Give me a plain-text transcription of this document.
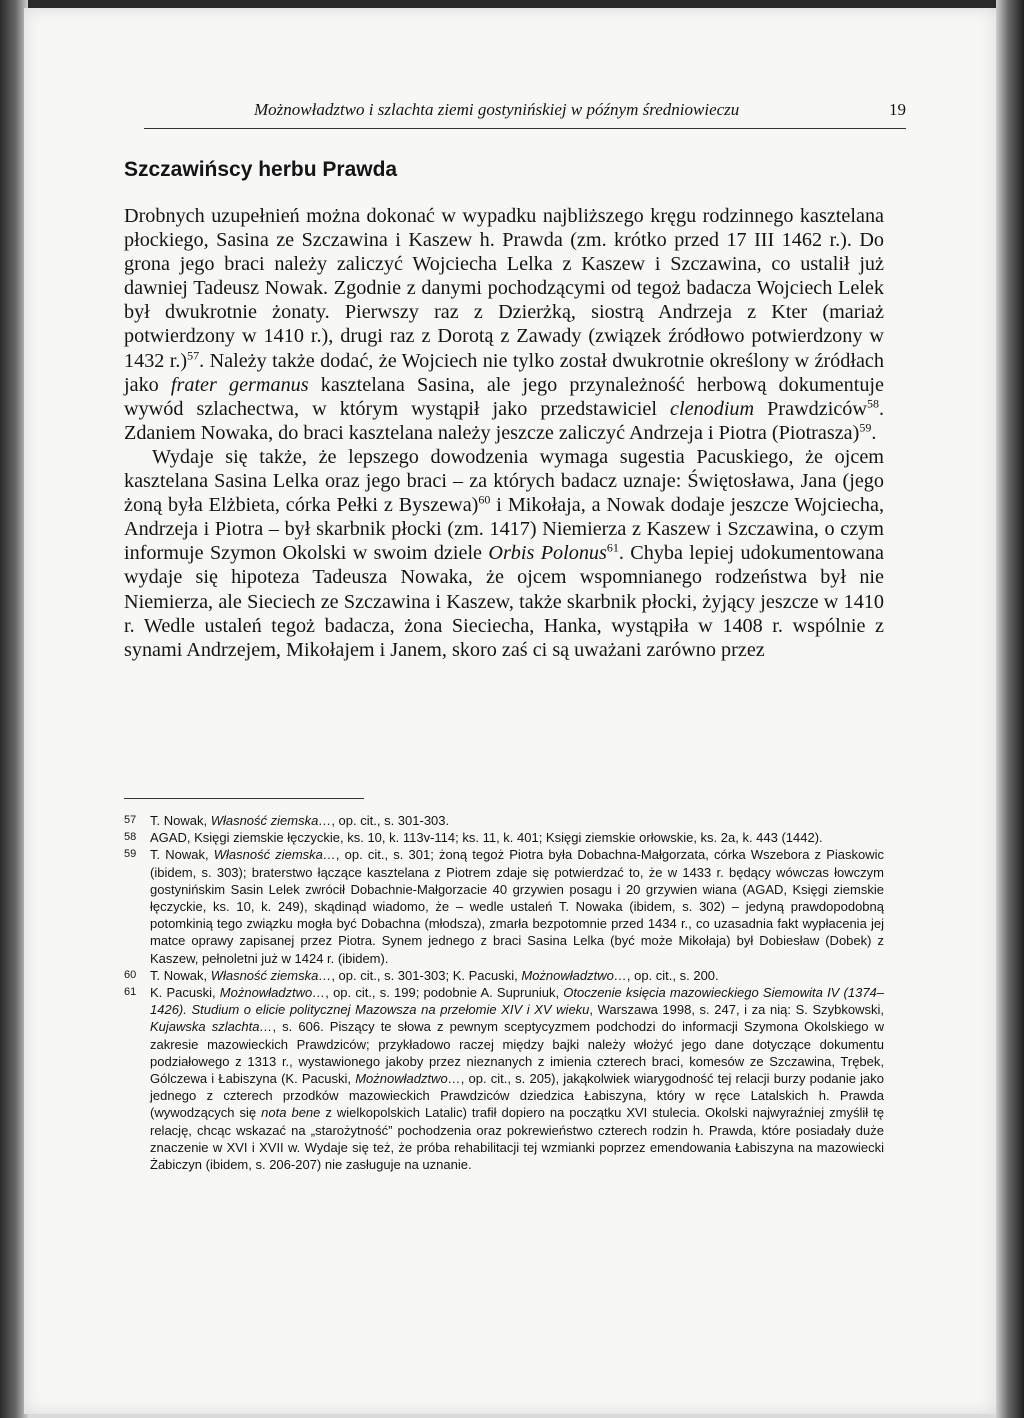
Możnowładztwo i szlachta ziemi gostynińskiej w późnym średniowieczu	19
Szczawińscy herbu Prawda

Drobnych uzupełnień można dokonać w wypadku najbliższego kręgu rodzinnego kasztelana płockiego, Sasina ze Szczawina i Kaszew h. Prawda (zm. krótko przed 17 III 1462 r.). Do grona jego braci należy zaliczyć Wojciecha Lelka z Kaszew i Szczawina, co ustalił już dawniej Tadeusz Nowak. Zgodnie z danymi pochodzącymi od tegoż badacza Wojciech Lelek był dwukrotnie żonaty. Pierwszy raz z Dzierżką, siostrą Andrzeja z Kter (mariaż potwierdzony w 1410 r.), drugi raz z Dorotą z Zawady (związek źródłowo potwierdzony w 1432 r.)$^{57}$. Należy także dodać, że Wojciech nie tylko został dwukrotnie określony w źródłach jako frater germanus kasztelana Sasina, ale jego przynależność herbową dokumentuje wywód szlachectwa, w którym wystąpił jako przedstawiciel clenodium Prawdziców$^{58}$. Zdaniem Nowaka, do braci kasztelana należy jeszcze zaliczyć Andrzeja i Piotra (Piotrasza)$^{59}$.

Wydaje się także, że lepszego dowodzenia wymaga sugestia Pacuskiego, że ojcem kasztelana Sasina Lelka oraz jego braci – za których badacz uznaje: Świętosława, Jana (jego żoną była Elżbieta, córka Pełki z Byszewa)$^{60}$ i Mikołaja, a Nowak dodaje jeszcze Wojciecha, Andrzeja i Piotra – był skarbnik płocki (zm. 1417) Niemierza z Kaszew i Szczawina, o czym informuje Szymon Okolski w swoim dziele Orbis Polonus$^{61}$. Chyba lepiej udokumentowana wydaje się hipoteza Tadeusza Nowaka, że ojcem wspomnianego rodzeństwa był nie Niemierza, ale Sieciech ze Szczawina i Kaszew, także skarbnik płocki, żyjący jeszcze w 1410 r. Wedle ustaleń tegoż badacza, żona Sieciecha, Hanka, wystąpiła w 1408 r. wspólnie z synami Andrzejem, Mikołajem i Janem, skoro zaś ci są uważani zarówno przez

57	T. Nowak, Własność ziemska…, op. cit., s. 301-303.
58	AGAD, Księgi ziemskie łęczyckie, ks. 10, k. 113v-114; ks. 11, k. 401; Księgi ziemskie orłowskie, ks. 2a, k. 443 (1442).
59	T. Nowak, Własność ziemska…, op. cit., s. 301; żoną tegoż Piotra była Dobachna-Małgorzata, córka Wszebora z Piaskowic (ibidem, s. 303); braterstwo łączące kasztelana z Piotrem zdaje się potwierdzać to, że w 1433 r. będący wówczas łowczym gostynińskim Sasin Lelek zwrócił Dobachnie-Małgorzacie 40 grzywien posagu i 20 grzywien wiana (AGAD, Księgi ziemskie łęczyckie, ks. 10, k. 249), skądinąd wiadomo, że – wedle ustaleń T. Nowaka (ibidem, s. 302) – jedyną prawdopodobną potomkinią tego związku mogła być Dobachna (młodsza), zmarła bezpotomnie przed 1434 r., co uzasadnia fakt wypłacenia jej matce oprawy zapisanej przez Piotra. Synem jednego z braci Sasina Lelka (być może Mikołaja) był Dobiesław (Dobek) z Kaszew, pełnoletni już w 1424 r. (ibidem).
60	T. Nowak, Własność ziemska…, op. cit., s. 301-303; K. Pacuski, Możnowładztwo…, op. cit., s. 200.
61	K. Pacuski, Możnowładztwo…, op. cit., s. 199; podobnie A. Supruniuk, Otoczenie księcia mazowieckiego Siemowita IV (1374–1426). Studium o elicie politycznej Mazowsza na przełomie XIV i XV wieku, Warszawa 1998, s. 247, i za nią: S. Szybkowski, Kujawska szlachta…, s. 606. Piszący te słowa z pewnym sceptycyzmem podchodzi do informacji Szymona Okolskiego w zakresie mazowieckich Prawdziców; przykładowo raczej między bajki należy włożyć jego dane dotyczące dokumentu podziałowego z 1313 r., wystawionego jakoby przez nieznanych z imienia czterech braci, komesów ze Szczawina, Trębek, Gólczewa i Łabiszyna (K. Pacuski, Możnowładztwo…, op. cit., s. 205), jakąkolwiek wiarygodność tej relacji burzy podanie jako jednego z czterech przodków mazowieckich Prawdziców dziedzica Łabiszyna, który w ręce Latalskich h. Prawda (wywodzących się nota bene z wielkopolskich Latalic) trafił dopiero na początku XVI stulecia. Okolski najwyraźniej zmyślił tę relację, chcąc wskazać na „starożytność” pochodzenia oraz pokrewieństwo czterech rodzin h. Prawda, które posiadały duże znaczenie w XVI i XVII w. Wydaje się też, że próba rehabilitacji tej wzmianki poprzez emendowania Łabiszyna na mazowiecki Żabiczyn (ibidem, s. 206-207) nie zasługuje na uznanie.
